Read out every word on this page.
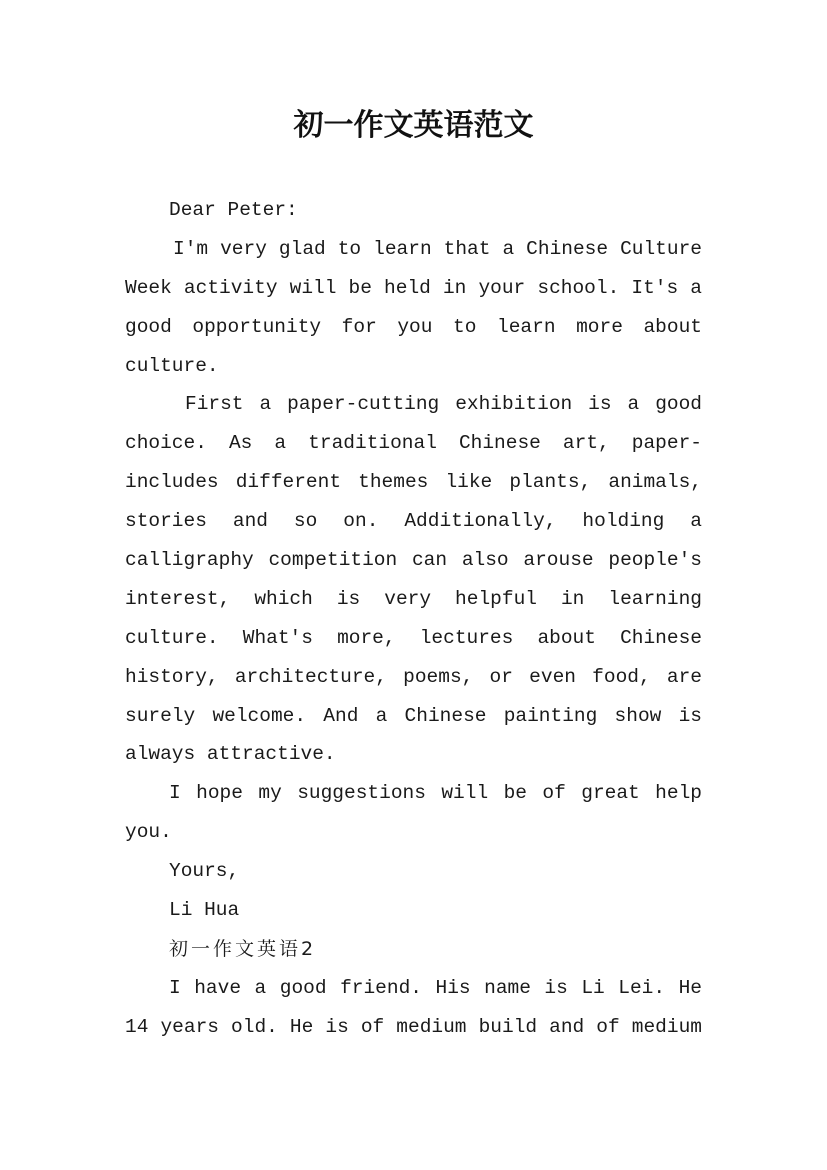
初一作文英语范文
Dear Peter:
I'm very glad to learn that a Chinese Culture
Week activity will be held in your school. It's a
good opportunity for you to learn more about
culture.
First a paper-cutting exhibition is a good
choice. As a traditional Chinese art, paper-
includes different themes like plants, animals,
stories and so on. Additionally, holding a
calligraphy competition can also arouse people's
interest, which is very helpful in learning
culture. What's more, lectures about Chinese
history, architecture, poems, or even food, are
surely welcome. And a Chinese painting show is
always attractive.
I hope my suggestions will be of great help
you.
Yours,
Li Hua
初一作文英语2
I have a good friend. His name is Li Lei. He
14 years old. He is of medium build and of medium
